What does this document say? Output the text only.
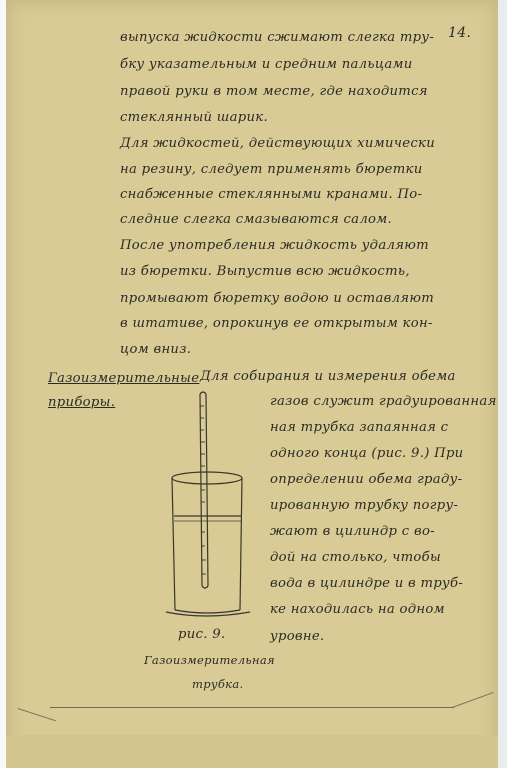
14.
выпуска жидкости сжимают слегка тру-
бку указательным и средним пальцами
правой руки в том месте, где находится
стеклянный шарик.
Для жидкостей, действующих химически
на резину, следует применять бюретки
снабженные стеклянными кранами. По-
следние слегка смазываются салом.
После употребления жидкость удаляют
из бюретки. Выпустив всю жидкость,
промывают бюретку водою и оставляют
в штативе, опрокинув ее открытым кон-
цом вниз.
Газоизмерительные
приборы.
Для собирания и измерения обема
газов служит градуированная
ная трубка запаянная с
одного конца (рис. 9.) При
определении обема граду-
ированную трубку погру-
жают в цилиндр с во-
дой на столько, чтобы
вода в цилиндре и в труб-
ке находилась на одном
уровне.
рис. 9.
Газоизмерительная
трубка.
